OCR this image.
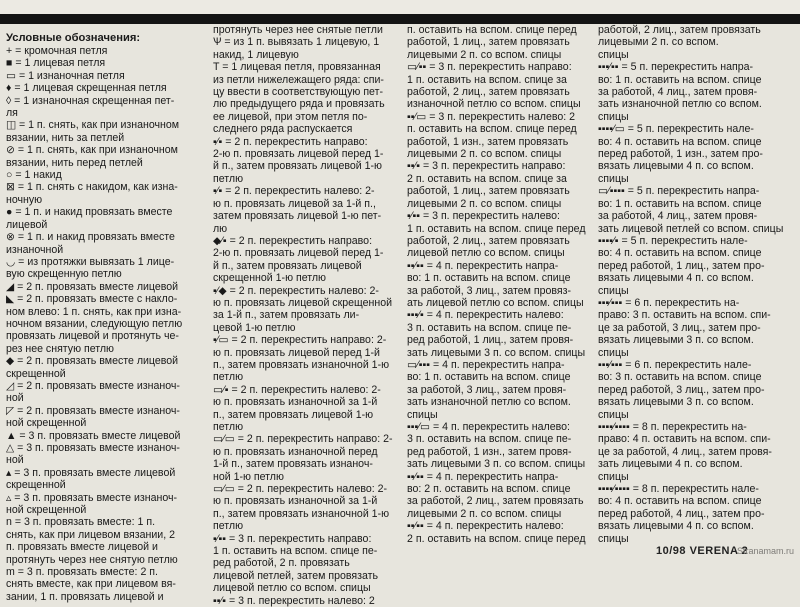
Условные обозначения:
+ = кромочная петля
■ = 1 лицевая петля
▭ = 1 изнаночная петля
♦ = 1 лицевая скрещенная петля
◊ = 1 изнаночная скрещенная пет-
ля
◫ = 1 п. снять, как при изнаночном
вязании, нить за петлей
⊘ = 1 п. снять, как при изнаночном
вязании, нить перед петлей
○ = 1 накид
⊠ = 1 п. снять с накидом, как изна-
ночную
● = 1 п. и накид провязать вместе
лицевой
⊗ = 1 п. и накид провязать вместе
изнаночной
◡ = из протяжки вывязать 1 лице-
вую скрещенную петлю
◢ = 2 п. провязать вместе лицевой
◣ = 2 п. провязать вместе с накло-
ном влево: 1 п. снять, как при изна-
ночном вязании, следующую петлю
провязать лицевой и протянуть че-
рез нее снятую петлю
◆ = 2 п. провязать вместе лицевой
скрещенной
◿ = 2 п. провязать вместе изнаноч-
ной
◸ = 2 п. провязать вместе изнаноч-
ной скрещенной
▲ = 3 п. провязать вместе лицевой
△ = 3 п. провязать вместе изнаноч-
ной
▴ = 3 п. провязать вместе лицевой
скрещенной
▵ = 3 п. провязать вместе изнаноч-
ной скрещенной
n = 3 п. провязать вместе: 1 п.
снять, как при лицевом вязании, 2
п. провязать вместе лицевой и
протянуть через нее снятую петлю
m = 3 п. провязать вместе: 2 п.
снять вместе, как при лицевом вя-
зании, 1 п. провязать лицевой и
протянуть через нее снятые петли
Ѱ = из 1 п. вывязать 1 лицевую, 1
накид, 1 лицевую
T = 1 лицевая петля, провязанная
из петли нижележащего ряда: спи-
цу ввести в соответствующую пет-
лю предыдущего ряда и провязать
ее лицевой, при этом петля по-
следнего ряда распускается
▪⁄▪ = 2 п. перекрестить направо:
2-ю п. провязать лицевой перед 1-
й п., затем провязать лицевой 1-ю
петлю
▪⁄▪ = 2 п. перекрестить налево: 2-
ю п. провязать лицевой за 1-й п.,
затем провязать лицевой 1-ю пет-
лю
◆⁄▪ = 2 п. перекрестить направо:
2-ю п. провязать лицевой перед 1-
й п., затем провязать лицевой
скрещенной 1-ю петлю
▪⁄◆ = 2 п. перекрестить налево: 2-
ю п. провязать лицевой скрещенной
за 1-й п., затем провязать ли-
цевой 1-ю петлю
▪⁄▭ = 2 п. перекрестить направо: 2-
ю п. провязать лицевой перед 1-й
п., затем провязать изнаночной 1-ю
петлю
▭⁄▪ = 2 п. перекрестить налево: 2-
ю п. провязать изнаночной за 1-й
п., затем провязать лицевой 1-ю
петлю
▭⁄▭ = 2 п. перекрестить направо: 2-
ю п. провязать изнаночной перед
1-й п., затем провязать изнаноч-
ной 1-ю петлю
▭⁄▭ = 2 п. перекрестить налево: 2-
ю п. провязать изнаночной за 1-й
п., затем провязать изнаночной 1-ю
петлю
▪⁄▪▪ = 3 п. перекрестить направо:
1 п. оставить на вспом. спице пе-
ред работой, 2 п. провязать
лицевой петлей, затем провязать
лицевой петлю со вспом. спицы
▪▪⁄▪ = 3 п. перекрестить налево: 2
п. оставить на вспом. спице перед
работой, 1 лиц., затем провязать
лицевыми 2 п. со вспом. спицы
▭⁄▪▪ = 3 п. перекрестить направо:
1 п. оставить на вспом. спице за
работой, 2 лиц., затем провязать
изнаночной петлю со вспом. спицы
▪▪⁄▭ = 3 п. перекрестить налево: 2
п. оставить на вспом. спице перед
работой, 1 изн., затем провязать
лицевыми 2 п. со вспом. спицы
▪▪⁄▪ = 3 п. перекрестить направо:
2 п. оставить на вспом. спице за
работой, 1 лиц., затем провязать
лицевыми 2 п. со вспом. спицы
▪⁄▪▪ = 3 п. перекрестить налево:
1 п. оставить на вспом. спице перед
работой, 2 лиц., затем провязать
лицевой петлю со вспом. спицы
▪▪⁄▪▪ = 4 п. перекрестить напра-
во: 1 п. оставить на вспом. спице
за работой, 3 лиц., затем провяз-
ать лицевой петлю со вспом. спицы
▪▪▪⁄▪ = 4 п. перекрестить налево:
3 п. оставить на вспом. спице пе-
ред работой, 1 лиц., затем провя-
зать лицевыми 3 п. со вспом. спицы
▭⁄▪▪▪ = 4 п. перекрестить напра-
во: 1 п. оставить на вспом. спице
за работой, 3 лиц., затем провя-
зать изнаночной петлю со вспом.
спицы
▪▪▪⁄▭ = 4 п. перекрестить налево:
3 п. оставить на вспом. спице пе-
ред работой, 1 изн., затем провя-
зать лицевыми 3 п. со вспом. спицы
▪▪⁄▪▪ = 4 п. перекрестить напра-
во: 2 п. оставить на вспом. спице
за работой, 2 лиц., затем провязать
лицевыми 2 п. со вспом. спицы
▪▪⁄▪▪ = 4 п. перекрестить налево:
2 п. оставить на вспом. спице перед
работой, 2 лиц., затем провязать
лицевыми 2 п. со вспом.
спицы
▪▪▪⁄▪▪ = 5 п. перекрестить напра-
во: 1 п. оставить на вспом. спице
за работой, 4 лиц., затем провя-
зать изнаночной петлю со вспом.
спицы
▪▪▪▪⁄▭ = 5 п. перекрестить нале-
во: 4 п. оставить на вспом. спице
перед работой, 1 изн., затем про-
вязать лицевыми 4 п. со вспом.
спицы
▭⁄▪▪▪▪ = 5 п. перекрестить напра-
во: 1 п. оставить на вспом. спице
за работой, 4 лиц., затем провя-
зать лицевой петлей со вспом. спицы
▪▪▪▪⁄▪ = 5 п. перекрестить нале-
во: 4 п. оставить на вспом. спице
перед работой, 1 лиц., затем про-
вязать лицевыми 4 п. со вспом.
спицы
▪▪▪⁄▪▪▪ = 6 п. перекрестить на-
право: 3 п. оставить на вспом. спи-
це за работой, 3 лиц., затем про-
вязать лицевыми 3 п. со вспом.
спицы
▪▪▪⁄▪▪▪ = 6 п. перекрестить нале-
во: 3 п. оставить на вспом. спице
перед работой, 3 лиц., затем про-
вязать лицевыми 3 п. со вспом.
спицы
▪▪▪▪⁄▪▪▪▪ = 8 п. перекрестить на-
право: 4 п. оставить на вспом. спи-
це за работой, 4 лиц., затем провя-
зать лицевыми 4 п. со вспом.
спицы
▪▪▪▪⁄▪▪▪▪ = 8 п. перекрестить нале-
во: 4 п. оставить на вспом. спице
перед работой, 4 лиц., затем про-
вязать лицевыми 4 п. со вспом.
спицы
10/98 VERENA 2
Stranamam.ru
